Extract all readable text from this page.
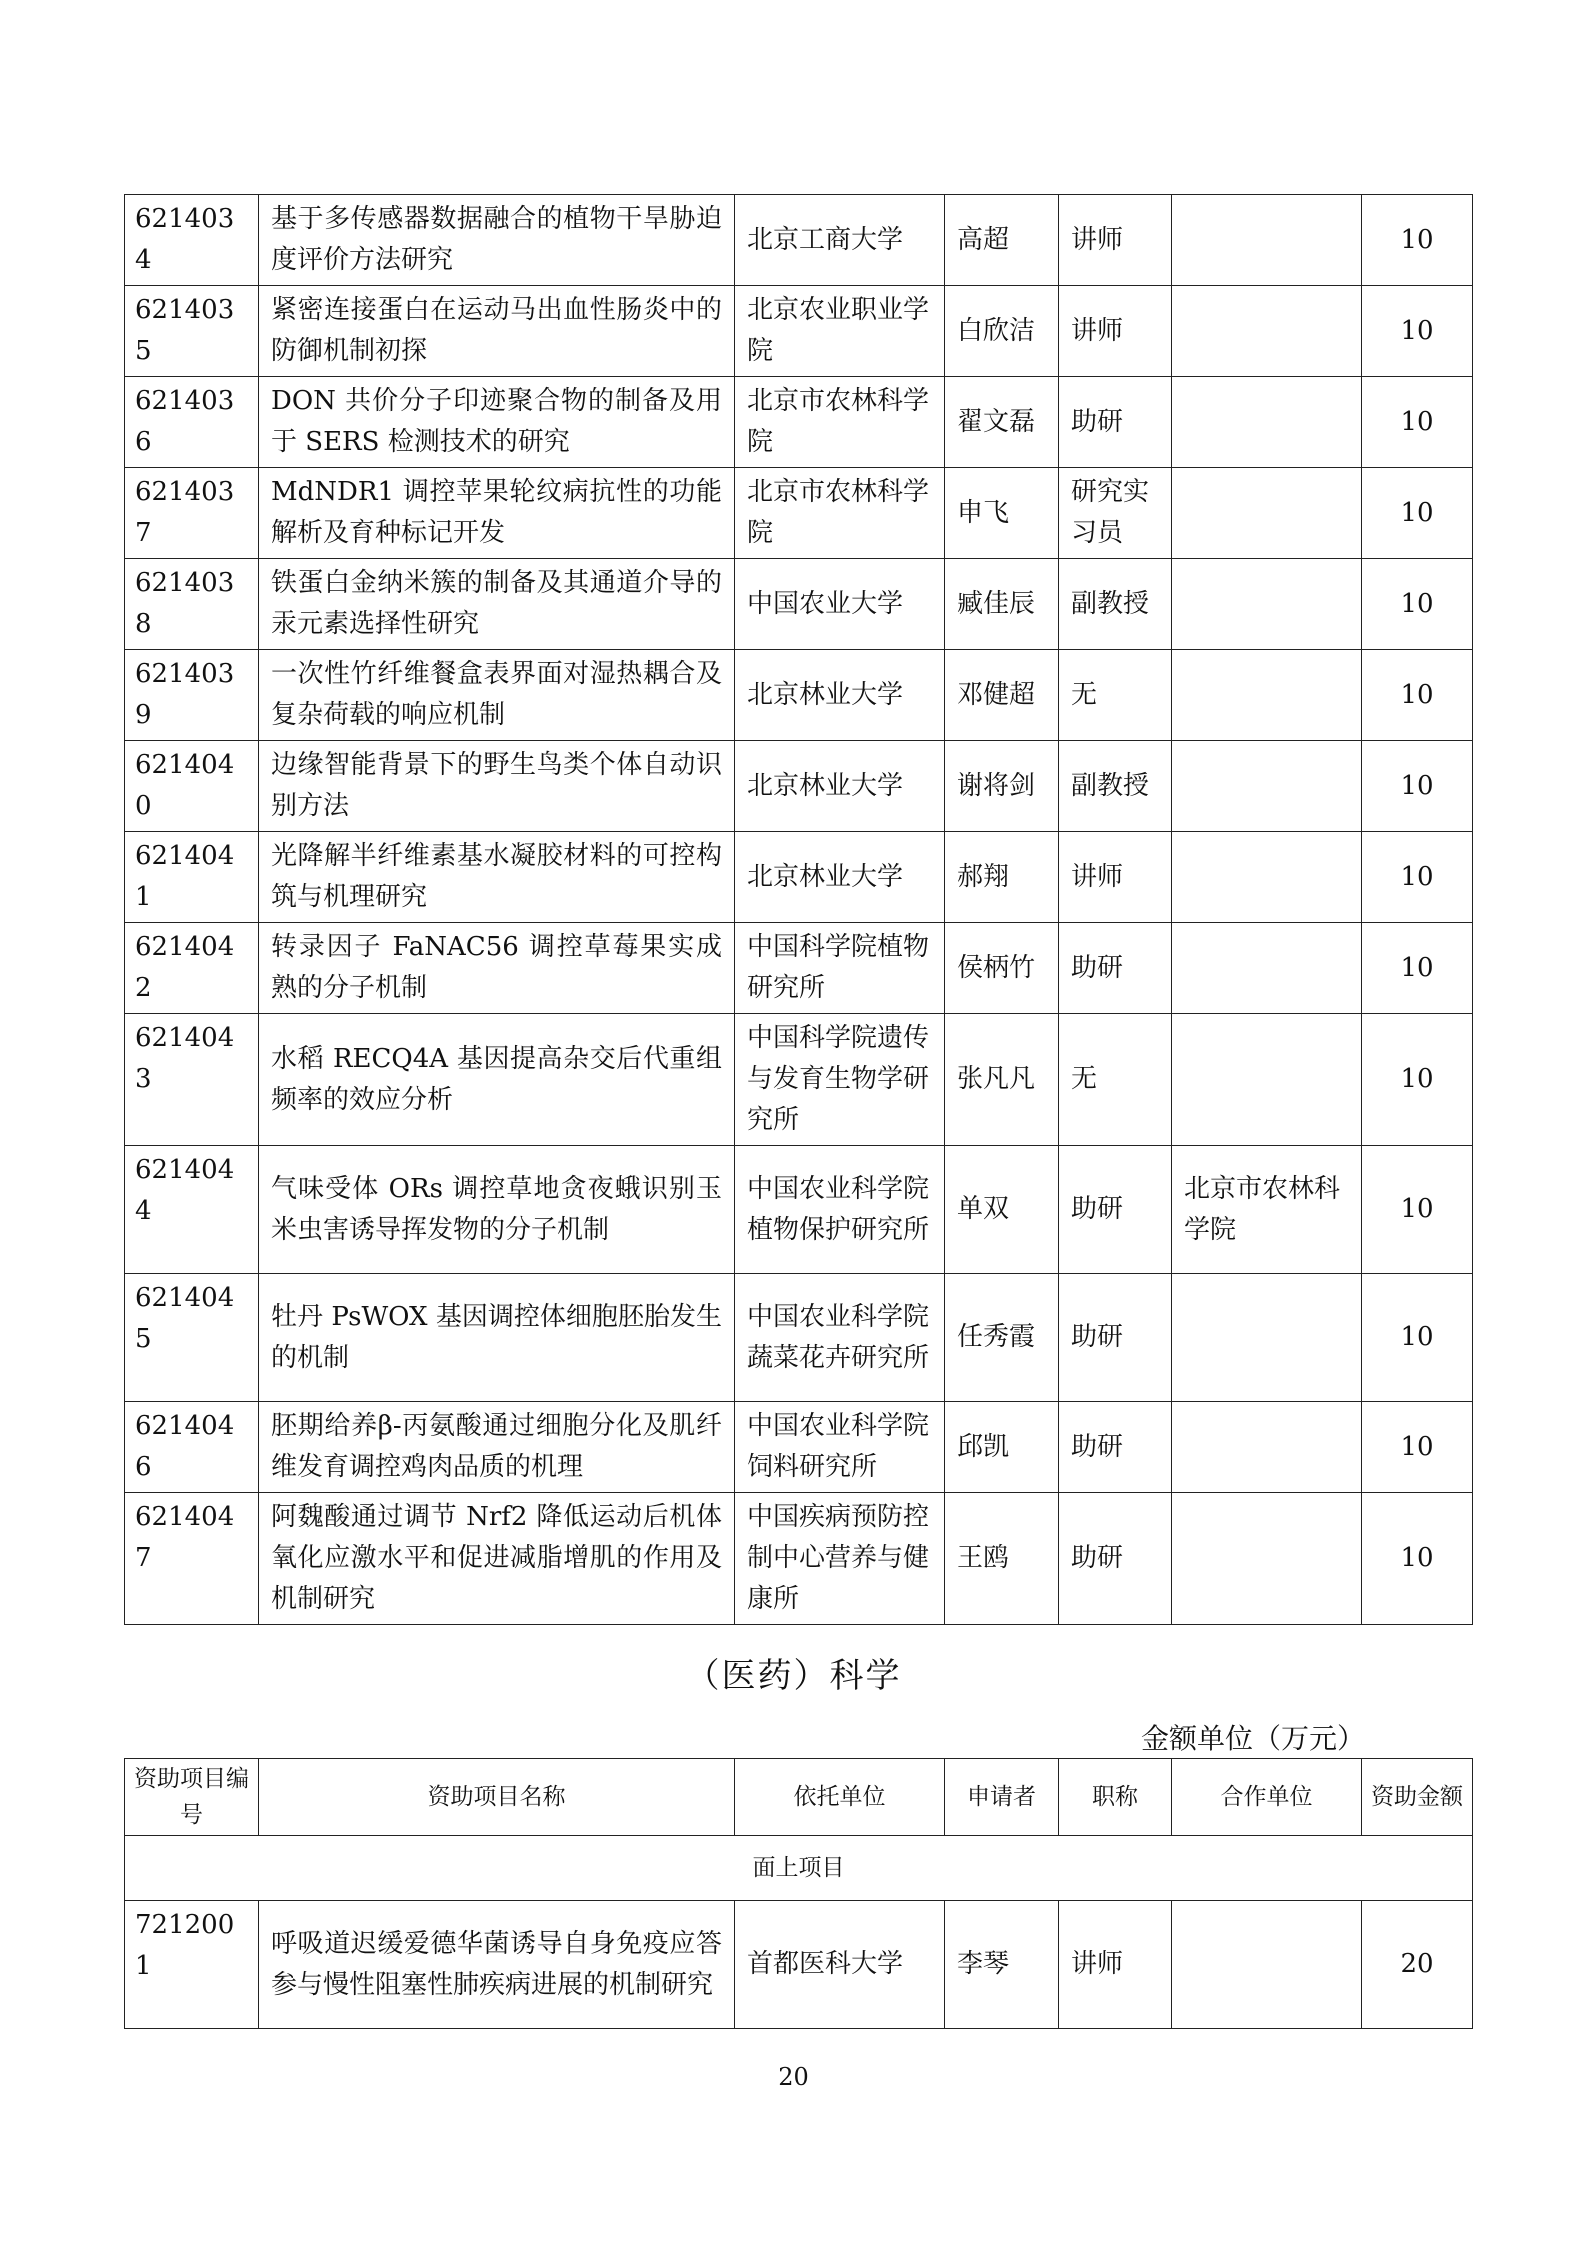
6214034	基于多传感器数据融合的植物干旱胁迫度评价方法研究	北京工商大学	高超	讲师		10
6214035	紧密连接蛋白在运动马出血性肠炎中的防御机制初探	北京农业职业学院	白欣洁	讲师		10
6214036	DON 共价分子印迹聚合物的制备及用于 SERS 检测技术的研究	北京市农林科学院	翟文磊	助研		10
6214037	MdNDR1 调控苹果轮纹病抗性的功能解析及育种标记开发	北京市农林科学院	申飞	研究实习员		10
6214038	铁蛋白金纳米簇的制备及其通道介导的汞元素选择性研究	中国农业大学	臧佳辰	副教授		10
6214039	一次性竹纤维餐盒表界面对湿热耦合及复杂荷载的响应机制	北京林业大学	邓健超	无		10
6214040	边缘智能背景下的野生鸟类个体自动识别方法	北京林业大学	谢将剑	副教授		10
6214041	光降解半纤维素基水凝胶材料的可控构筑与机理研究	北京林业大学	郝翔	讲师		10
6214042	转录因子 FaNAC56 调控草莓果实成熟的分子机制	中国科学院植物研究所	侯柄竹	助研		10
6214043	水稻 RECQ4A 基因提高杂交后代重组频率的效应分析	中国科学院遗传与发育生物学研究所	张凡凡	无		10
6214044	气味受体 ORs 调控草地贪夜蛾识别玉米虫害诱导挥发物的分子机制	中国农业科学院植物保护研究所	单双	助研	北京市农林科学院	10
6214045	牡丹 PsWOX 基因调控体细胞胚胎发生的机制	中国农业科学院蔬菜花卉研究所	任秀霞	助研		10
6214046	胚期给养β-丙氨酸通过细胞分化及肌纤维发育调控鸡肉品质的机理	中国农业科学院饲料研究所	邱凯	助研		10
6214047	阿魏酸通过调节 Nrf2 降低运动后机体氧化应激水平和促进减脂增肌的作用及机制研究	中国疾病预防控制中心营养与健康所	王鸥	助研		10
（医药）科学
金额单位（万元）
资助项目编号	资助项目名称	依托单位	申请者	职称	合作单位	资助金额
面上项目						
7212001	呼吸道迟缓爱德华菌诱导自身免疫应答参与慢性阻塞性肺疾病进展的机制研究	首都医科大学	李琴	讲师		20
20
